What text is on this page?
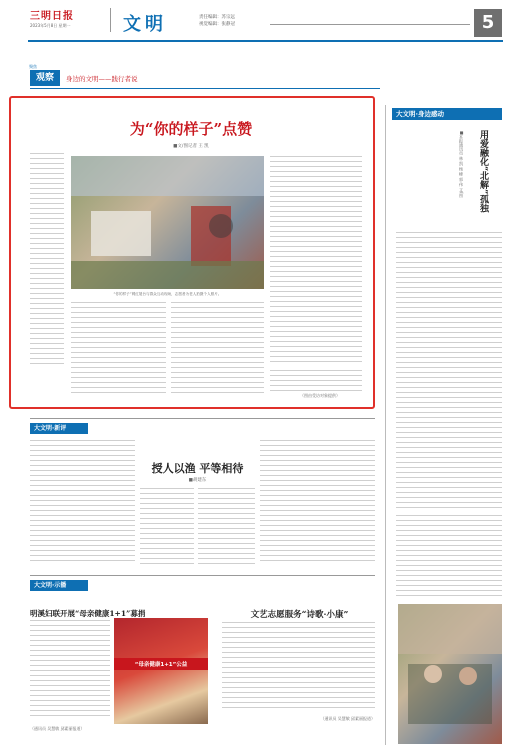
三明日报
2023年5月8日 星期一	文明	责任编辑：苏宗远
视觉编辑：张静冠	5
聚焦
观察	身边的文明——践行者说
为“你的样子”点赞
■文/图记者 王 凯
“你的样子”网红展台与群众互动现场，志愿者为老人拍摄个人照片。
（图由受访对象提供）
大文明·身边感动
用爱融化“北解”孤独
■本报通讯员 林 凯 杨 峰 郭 伟 文/图
大文明·新评
授人以渔 平等相待
■胡建东
大文明·示播
明溪妇联开展“母亲健康1+1”募捐
“母亲健康1+1”公益
（通讯员 吴慧敏 邱素丽报道）
文艺志愿服务“诗歌·小康”
（通讯员 吴慧敏 邱素丽报道）
